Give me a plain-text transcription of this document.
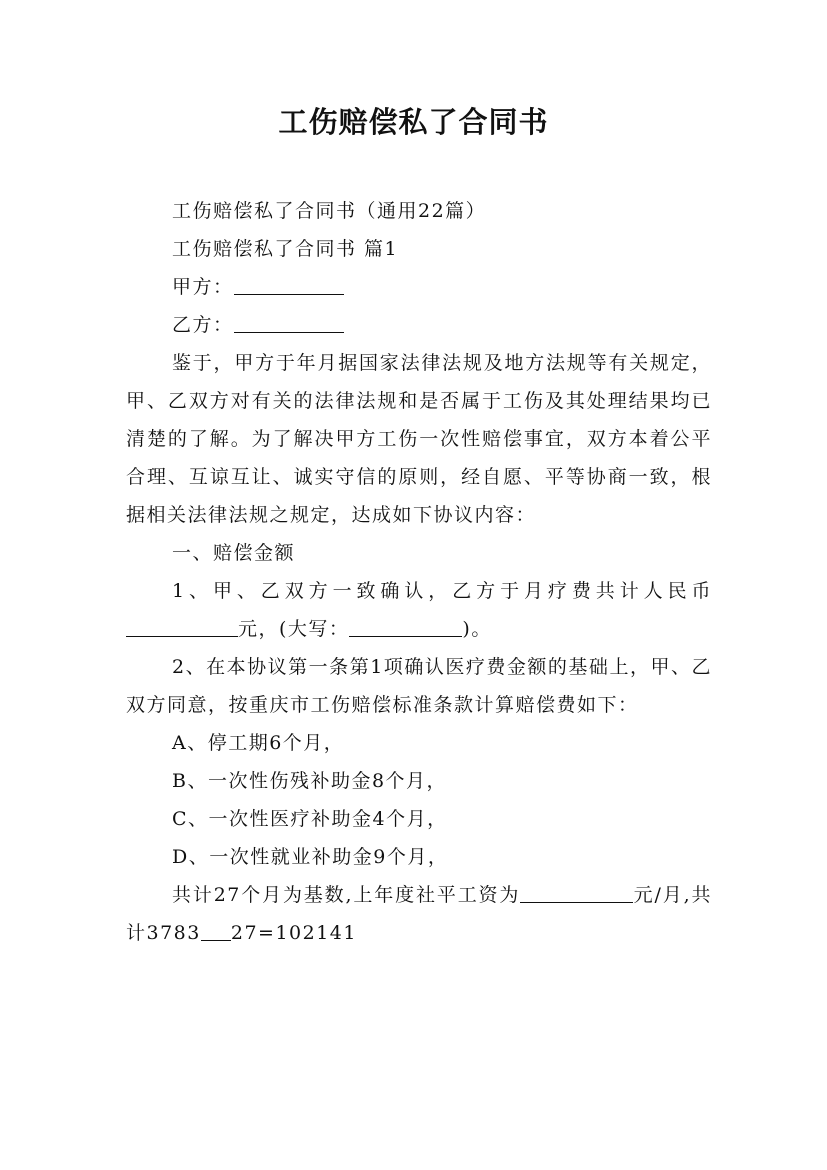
工伤赔偿私了合同书

工伤赔偿私了合同书（通用22篇）

工伤赔偿私了合同书 篇1

甲方：

乙方：

鉴于，甲方于年月据国家法律法规及地方法规等有关规定，甲、乙双方对有关的法律法规和是否属于工伤及其处理结果均已清楚的了解。为了解决甲方工伤一次性赔偿事宜，双方本着公平合理、互谅互让、诚实守信的原则，经自愿、平等协商一致，根据相关法律法规之规定，达成如下协议内容：

一、赔偿金额

1、甲、乙双方一致确认，乙方于月疗费共计人民币元，(大写：	)。

2、在本协议第一条第1项确认医疗费金额的基础上，甲、乙双方同意，按重庆市工伤赔偿标准条款计算赔偿费如下：

A、停工期6个月，

B、一次性伤残补助金8个月，

C、一次性医疗补助金4个月，

D、一次性就业补助金9个月，

共计27个月为基数,上年度社平工资为	元/月,共计3783 27=102141
